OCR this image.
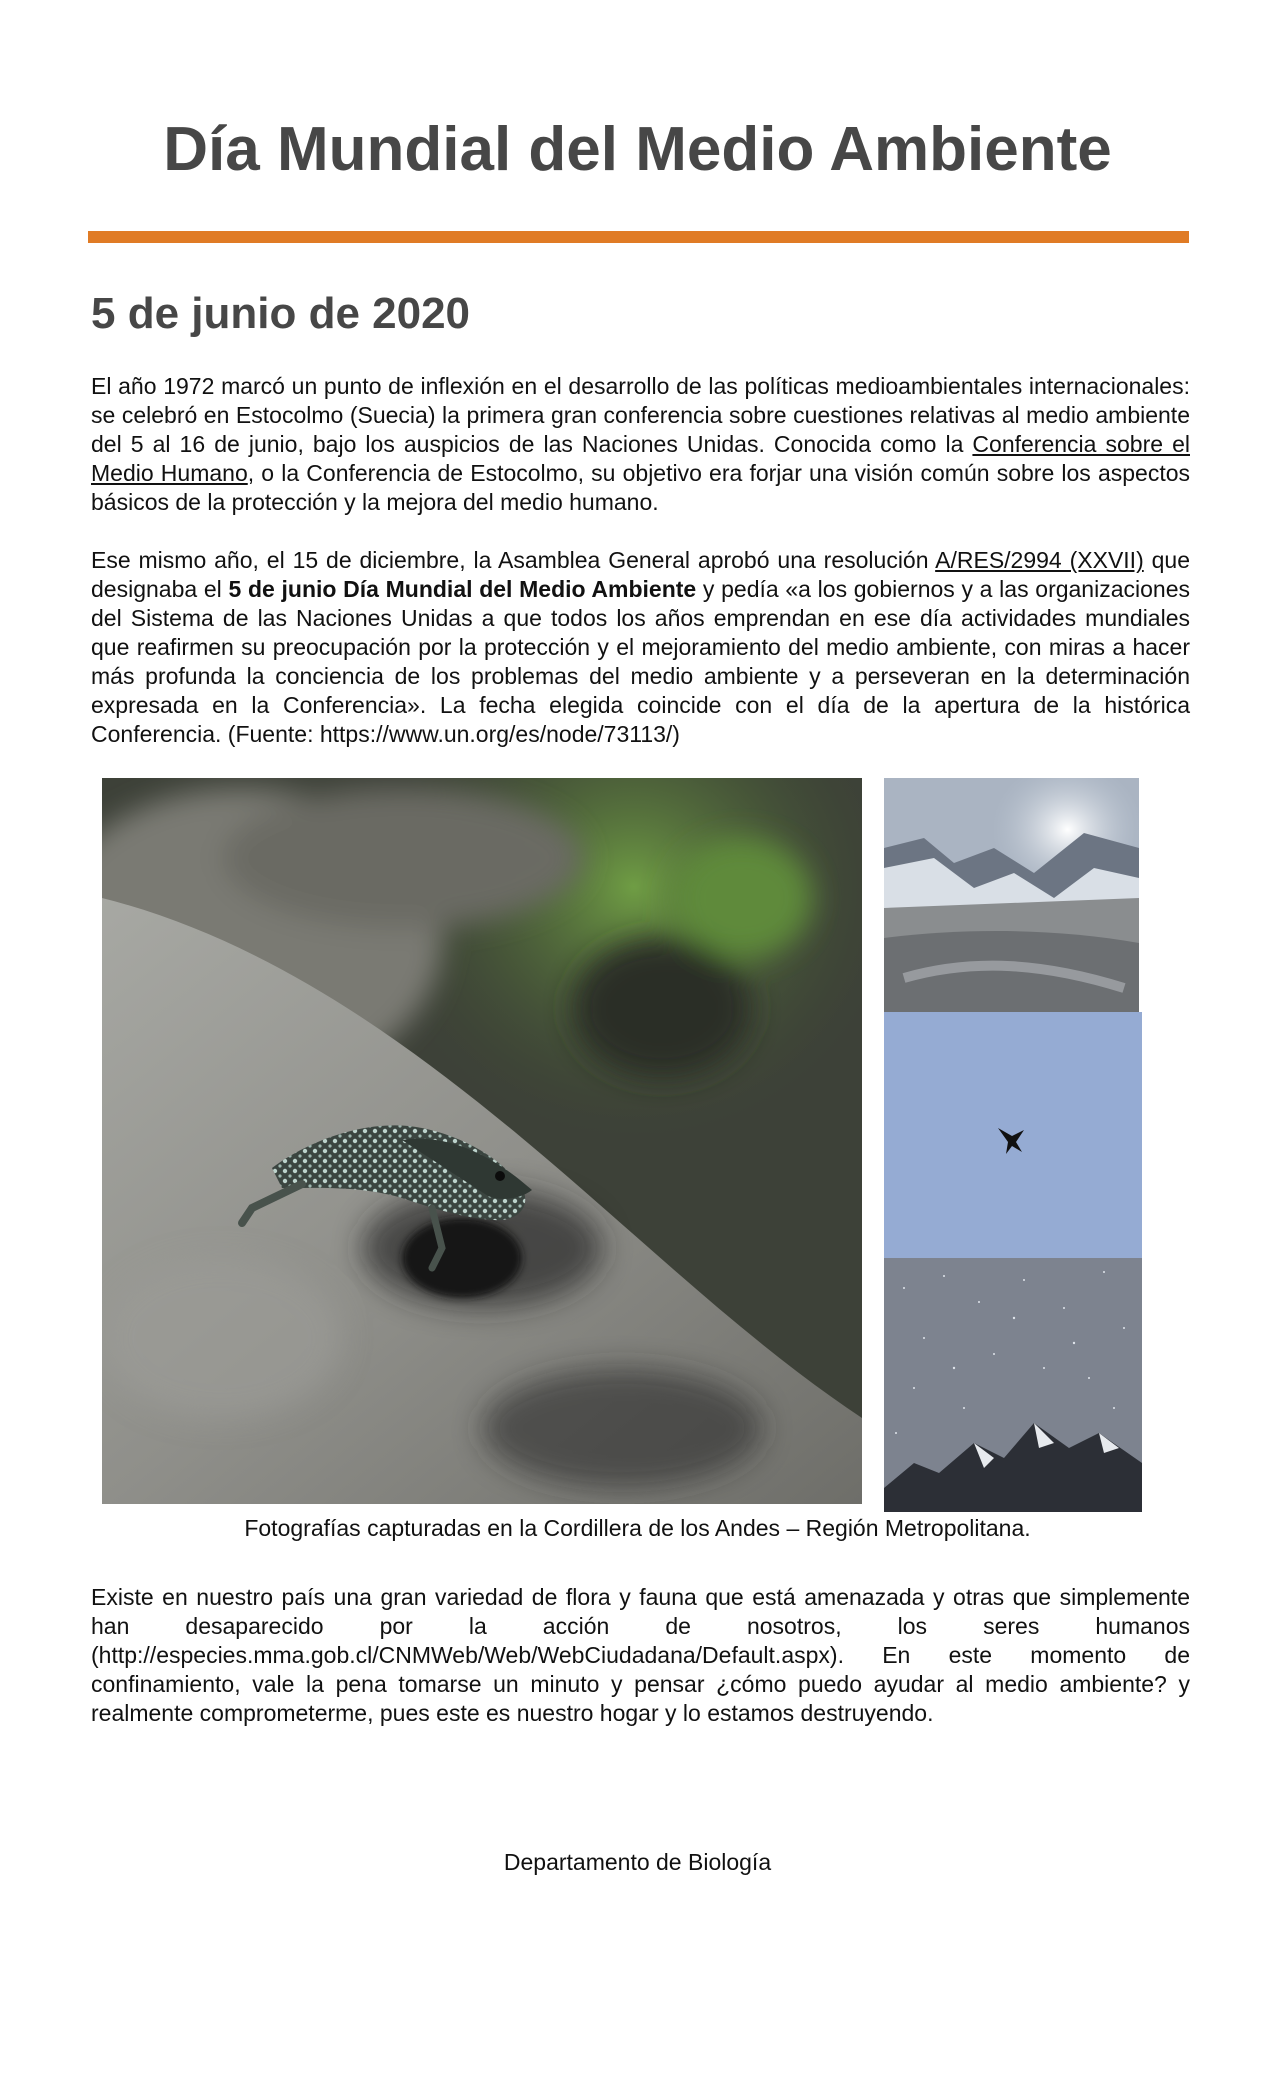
Día Mundial del Medio Ambiente
5 de junio de 2020

El año 1972 marcó un punto de inflexión en el desarrollo de las políticas medioambientales internacionales: se celebró en Estocolmo (Suecia) la primera gran conferencia sobre cuestiones relativas al medio ambiente del 5 al 16 de junio, bajo los auspicios de las Naciones Unidas. Conocida como la Conferencia sobre el Medio Humano, o la Conferencia de Estocolmo, su objetivo era forjar una visión común sobre los aspectos básicos de la protección y la mejora del medio humano.

Ese mismo año, el 15 de diciembre, la Asamblea General aprobó una resolución A/RES/2994 (XXVII) que designaba el 5 de junio Día Mundial del Medio Ambiente y pedía «a los gobiernos y a las organizaciones del Sistema de las Naciones Unidas a que todos los años emprendan en ese día actividades mundiales que reafirmen su preocupación por la protección y el mejoramiento del medio ambiente, con miras a hacer más profunda la conciencia de los problemas del medio ambiente y a perseveran en la determinación expresada en la Conferencia». La fecha elegida coincide con el día de la apertura de la histórica Conferencia. (Fuente: https://www.un.org/es/node/73113/)

Fotografías capturadas en la Cordillera de los Andes – Región Metropolitana.

Existe en nuestro país una gran variedad de flora y fauna que está amenazada y otras que simplemente han desaparecido por la acción de nosotros, los seres humanos (http://especies.mma.gob.cl/CNMWeb/Web/WebCiudadana/Default.aspx). En este momento de confinamiento, vale la pena tomarse un minuto y pensar ¿cómo puedo ayudar al medio ambiente? y realmente comprometerme, pues este es nuestro hogar y lo estamos destruyendo.

Departamento de Biología
